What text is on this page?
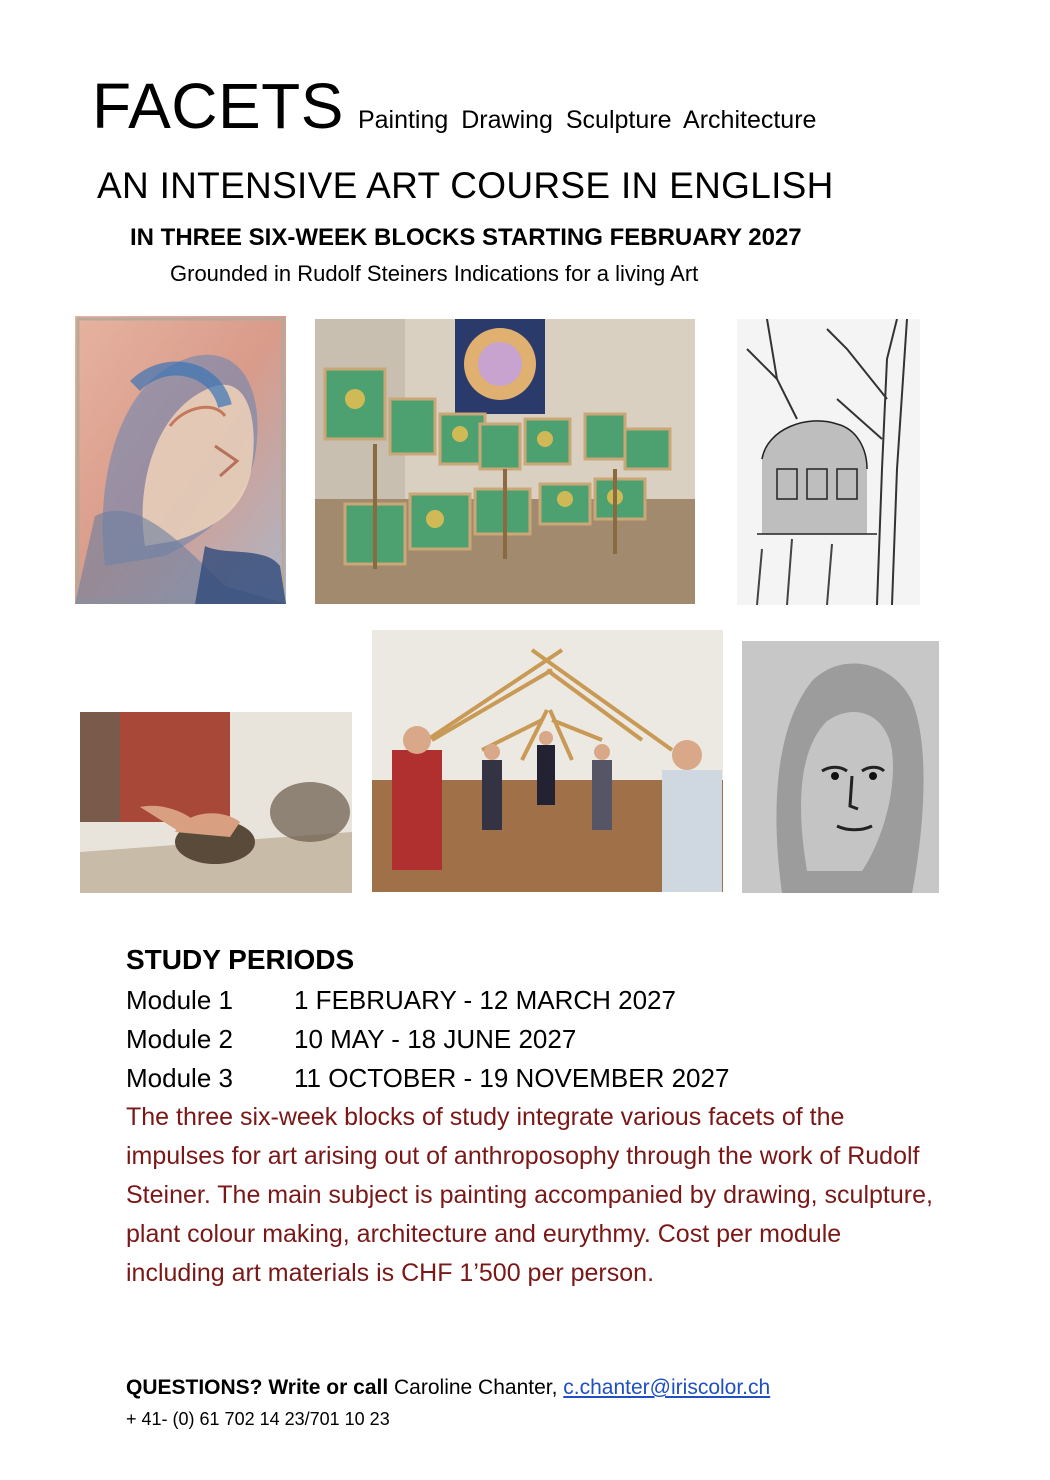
FACETS Painting Drawing Sculpture Architecture
AN INTENSIVE ART COURSE IN ENGLISH
IN THREE SIX-WEEK BLOCKS STARTING FEBRUARY 2027
Grounded in Rudolf Steiners Indications for a living Art
STUDY PERIODS
Module 1	1 FEBRUARY - 12 MARCH 2027
Module 2	10 MAY - 18 JUNE 2027
Module 3	11 OCTOBER - 19 NOVEMBER 2027
The three six-week blocks of study integrate various facets of the impulses for art arising out of anthroposophy through the work of Rudolf Steiner. The main subject is painting accompanied by drawing, sculpture, plant colour making, architecture and eurythmy. Cost per module including art materials is CHF 1’500 per person.
QUESTIONS? Write or call Caroline Chanter, c.chanter@iriscolor.ch
+ 41- (0) 61 702 14 23/701 10 23
